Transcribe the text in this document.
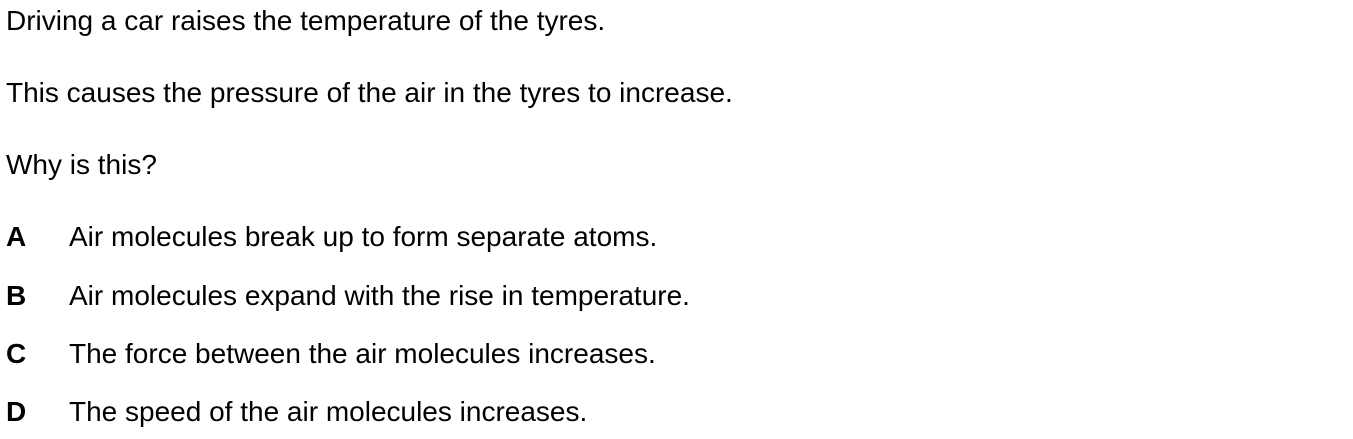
Driving a car raises the temperature of the tyres.
This causes the pressure of the air in the tyres to increase.
Why is this?
A Air molecules break up to form separate atoms.
B Air molecules expand with the rise in temperature.
C The force between the air molecules increases.
D The speed of the air molecules increases.
